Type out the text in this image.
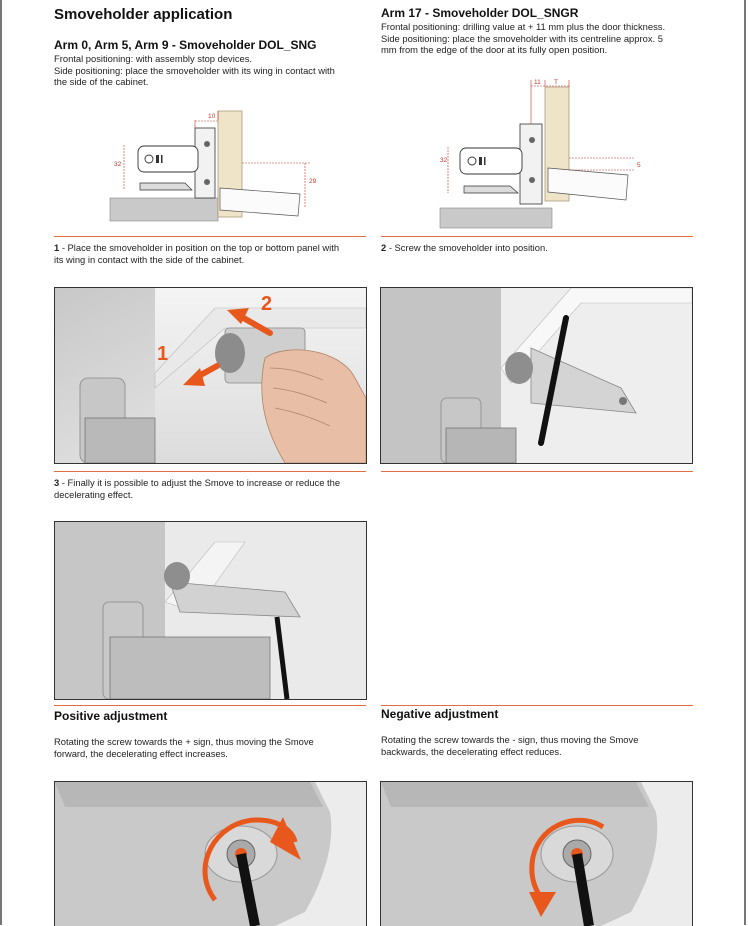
Smoveholder application
Arm 0, Arm 5, Arm 9 - Smoveholder DOL_SNG
Frontal positioning: with assembly stop devices.
Side positioning: place the smoveholder with its wing in contact with
the side of the cabinet.
Arm 17 - Smoveholder DOL_SNGR
Frontal positioning: drilling value at + 11 mm plus the door thickness.
Side positioning: place the smoveholder with its centreline approx. 5
mm from the edge of the door at its fully open position.
10
32
29
11 T
32
5
1 - Place the smoveholder in position on the top or bottom panel with
its wing in contact with the side of the cabinet.
2 - Screw the smoveholder into position.
1
2
3 - Finally it is possible to adjust the Smove to increase or reduce the
decelerating effect.
Positive adjustment
Rotating the screw towards the + sign, thus moving the Smove
forward, the decelerating effect increases.
Negative adjustment
Rotating the screw towards the - sign, thus moving the Smove
backwards, the decelerating effect reduces.
